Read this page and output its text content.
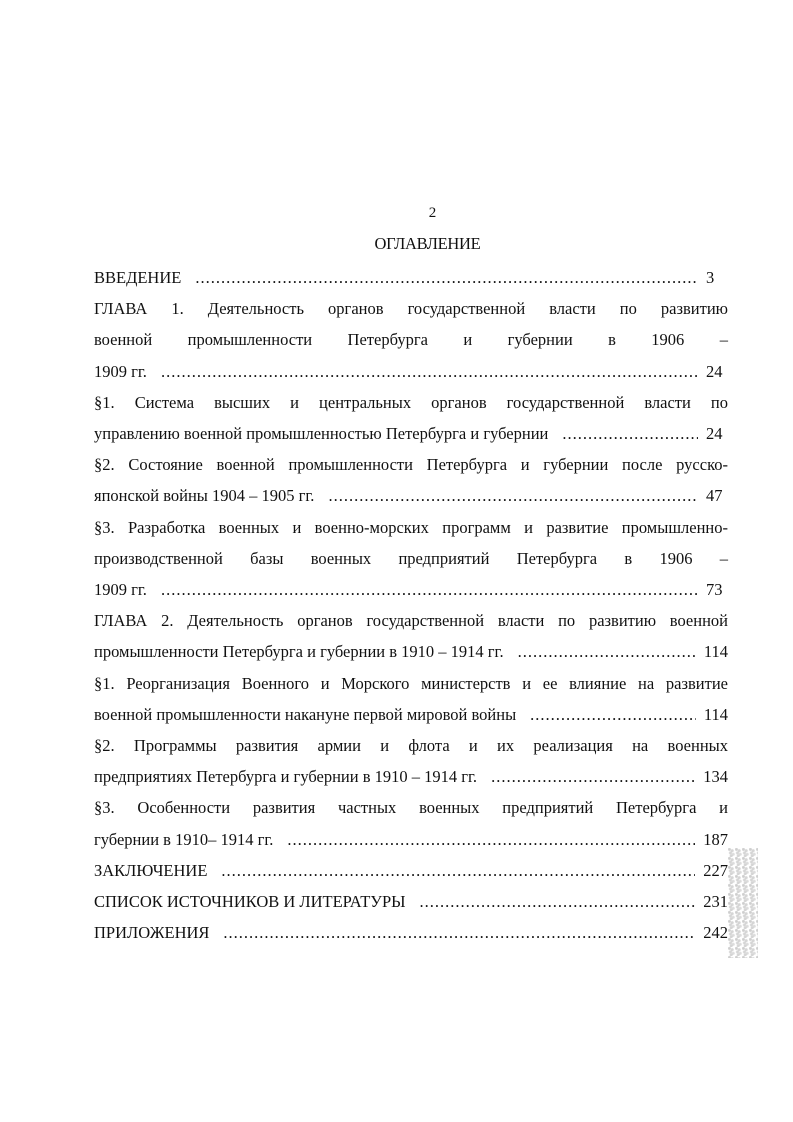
2
ОГЛАВЛЕНИЕ
ВВЕДЕНИЕ .....	3
ГЛАВА 1. Деятельность органов государственной власти по развитию
военной промышленности Петербурга и губернии в 1906 –
1909 гг. .....	24
§1. Система высших и центральных органов государственной власти по
управлению военной промышленностью Петербурга и губернии .....	24
§2. Состояние военной промышленности Петербурга и губернии после русско-
японской войны 1904 – 1905 гг. .....	47
§3. Разработка военных и военно-морских программ и развитие промышленно-
производственной базы военных предприятий Петербурга в 1906 –
1909 гг. .....	73
ГЛАВА 2. Деятельность органов государственной власти по развитию военной
промышленности Петербурга и губернии в 1910 – 1914 гг. .....	114
§1. Реорганизация Военного и Морского министерств и ее влияние на развитие
военной промышленности накануне первой мировой войны .....	114
§2. Программы развития армии и флота и их реализация на военных
предприятиях Петербурга и губернии в 1910 – 1914 гг. .....	134
§3. Особенности развития частных военных предприятий Петербурга и
губернии в 1910– 1914 гг. .....	187
ЗАКЛЮЧЕНИЕ .....	227
СПИСОК ИСТОЧНИКОВ И ЛИТЕРАТУРЫ .....	231
ПРИЛОЖЕНИЯ .....	242
